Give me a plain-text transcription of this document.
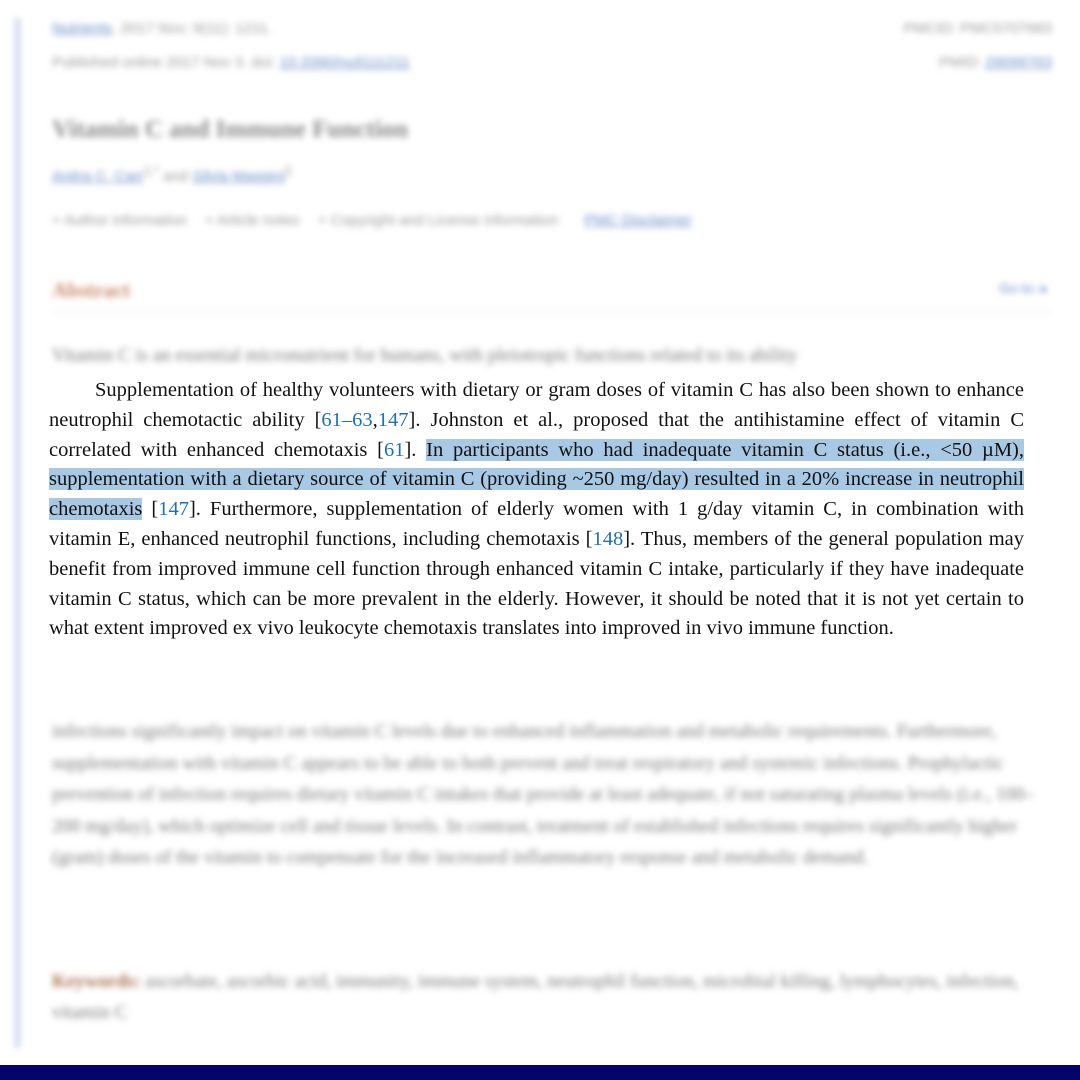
Nutrients. 2017 Nov; 9(11): 1211.
Published online 2017 Nov 3. doi: 10.3390/nu9111211
PMCID: PMC5707683
PMID: 29099763
Vitamin C and Immune Function
Anitra C. Carr$^{1,*}$ and Silvia Maggini$^2$
+ Author information + Article notes + Copyright and License information PMC Disclaimer
Abstract	Go to: ▸
Vitamin C is an essential micronutrient for humans, with pleiotropic functions related to its ability
infections significantly impact on vitamin C levels due to enhanced inflammation and metabolic requirements. Furthermore, supplementation with vitamin C appears to be able to both prevent and treat respiratory and systemic infections. Prophylactic prevention of infection requires dietary vitamin C intakes that provide at least adequate, if not saturating plasma levels (i.e., 100–200 mg/day), which optimize cell and tissue levels. In contrast, treatment of established infections requires significantly higher (gram) doses of the vitamin to compensate for the increased inflammatory response and metabolic demand.
Keywords: ascorbate, ascorbic acid, immunity, immune system, neutrophil function, microbial killing, lymphocytes, infection, vitamin C
Supplementation of healthy volunteers with dietary or gram doses of vitamin C has also been shown to enhance neutrophil chemotactic ability [61–63,147]. Johnston et al., proposed that the antihistamine effect of vitamin C correlated with enhanced chemotaxis [61]. In participants who had inadequate vitamin C status (i.e., <50 µM), supplementation with a dietary source of vitamin C (providing ~250 mg/day) resulted in a 20% increase in neutrophil chemotaxis [147]. Furthermore, supplementation of elderly women with 1 g/day vitamin C, in combination with vitamin E, enhanced neutrophil functions, including chemotaxis [148]. Thus, members of the general population may benefit from improved immune cell function through enhanced vitamin C intake, particularly if they have inadequate vitamin C status, which can be more prevalent in the elderly. However, it should be noted that it is not yet certain to what extent improved ex vivo leukocyte chemotaxis translates into improved in vivo immune function.
